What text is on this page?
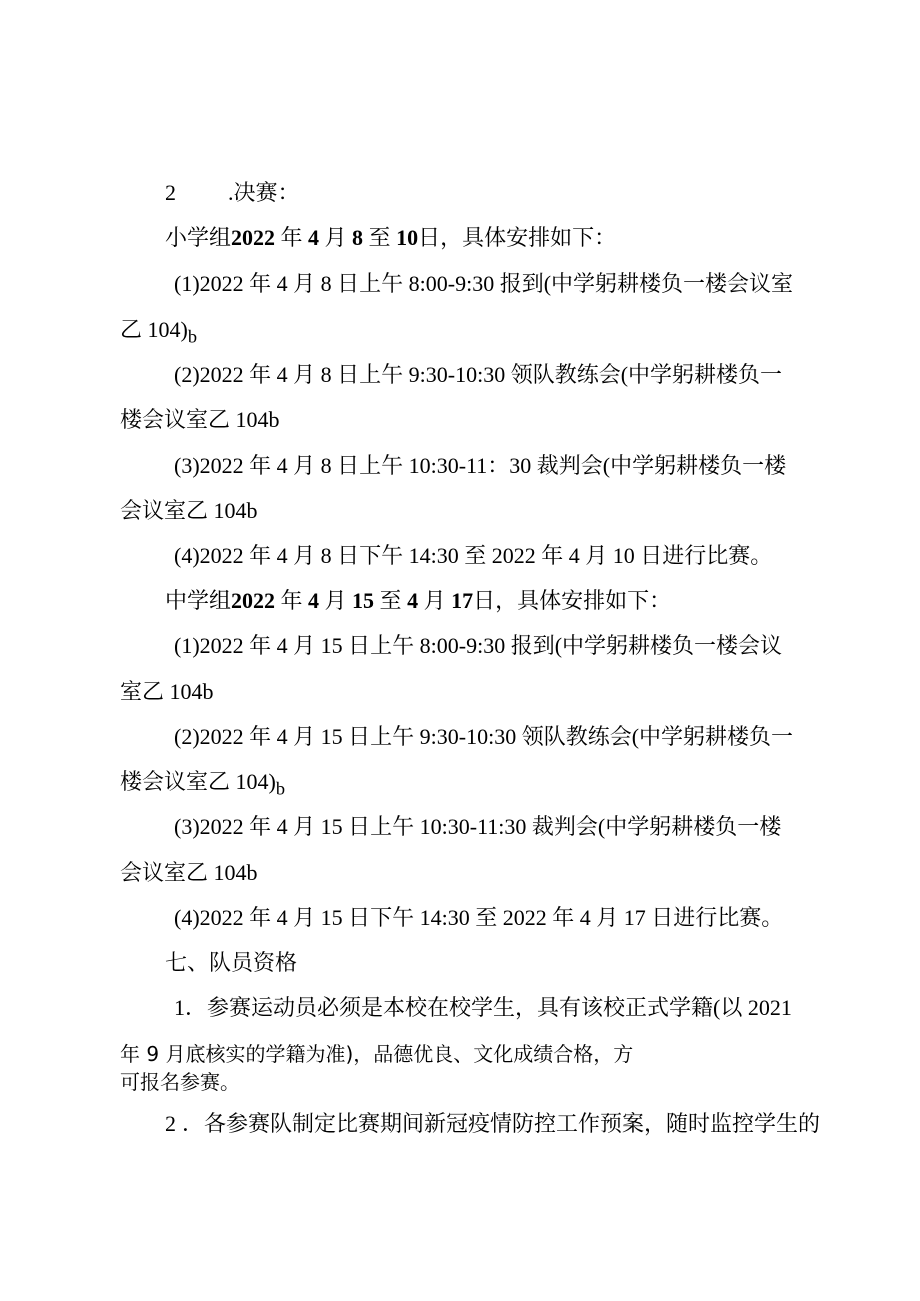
2 .决赛：
小学组2022 年 4 月 8 至 10日，具体安排如下：
(1)2022 年 4 月 8 日上午 8:00-9:30 报到(中学躬耕楼负一楼会议室
乙 $104)_b$
(2)2022 年 4 月 8 日上午 9:30-10:30 领队教练会(中学躬耕楼负一
楼会议室乙 104b
(3)2022 年 4 月 8 日上午 10:30-11：30 裁判会(中学躬耕楼负一楼
会议室乙 104b
(4)2022 年 4 月 8 日下午 14:30 至 2022 年 4 月 10 日进行比赛。
中学组2022 年 4 月 15 至 4 月 17日，具体安排如下：
(1)2022 年 4 月 15 日上午 8:00-9:30 报到(中学躬耕楼负一楼会议
室乙 104b
(2)2022 年 4 月 15 日上午 9:30-10:30 领队教练会(中学躬耕楼负一
楼会议室乙 $104)_b$
(3)2022 年 4 月 15 日上午 10:30-11:30 裁判会(中学躬耕楼负一楼
会议室乙 104b
(4)2022 年 4 月 15 日下午 14:30 至 2022 年 4 月 17 日进行比赛。
七、队员资格
1．参赛运动员必须是本校在校学生，具有该校正式学籍(以 2021
年 9 月底核实的学籍为准)，品德优良、文化成绩合格，方
可报名参赛。
2 ．各参赛队制定比赛期间新冠疫情防控工作预案，随时监控学生的
